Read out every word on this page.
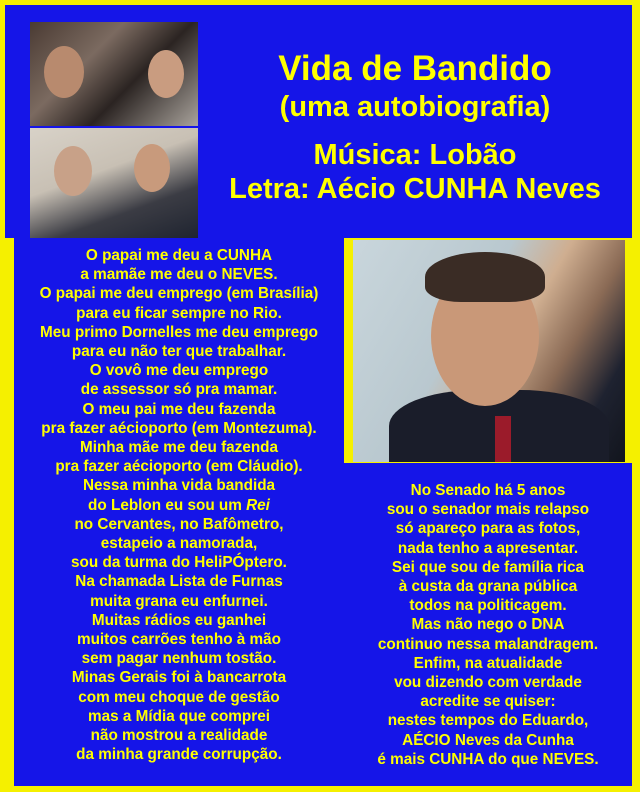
Vida de Bandido
(uma autobiografia)
Música: Lobão
Letra: Aécio CUNHA Neves
O papai me deu a CUNHA
a mamãe me deu o NEVES.
O papai me deu emprego (em Brasília)
para eu ficar sempre no Rio.
Meu primo Dornelles me deu emprego
para eu não ter que trabalhar.
O vovô me deu emprego
de assessor só pra mamar.
O meu pai me deu fazenda
pra fazer aécioporto (em Montezuma).
Minha mãe me deu fazenda
pra fazer aécioporto (em Cláudio).
Nessa minha vida bandida
do Leblon eu sou um Rei
no Cervantes, no Bafômetro,
estapeio a namorada,
sou da turma do HeliPÓptero.
Na chamada Lista de Furnas
muita grana eu enfurnei.
Muitas rádios eu ganhei
muitos carrões tenho à mão
sem pagar nenhum tostão.
Minas Gerais foi à bancarrota
com meu choque de gestão
mas a Mídia que comprei
não mostrou a realidade
da minha grande corrupção.
No Senado há 5 anos
sou o senador mais relapso
só apareço para as fotos,
nada tenho a apresentar.
Sei que sou de família rica
à custa da grana pública
todos na politicagem.
Mas não nego o DNA
continuo nessa malandragem.
Enfim, na atualidade
vou dizendo com verdade
acredite se quiser:
nestes tempos do Eduardo,
AÉCIO Neves da Cunha
é mais CUNHA do que NEVES.
